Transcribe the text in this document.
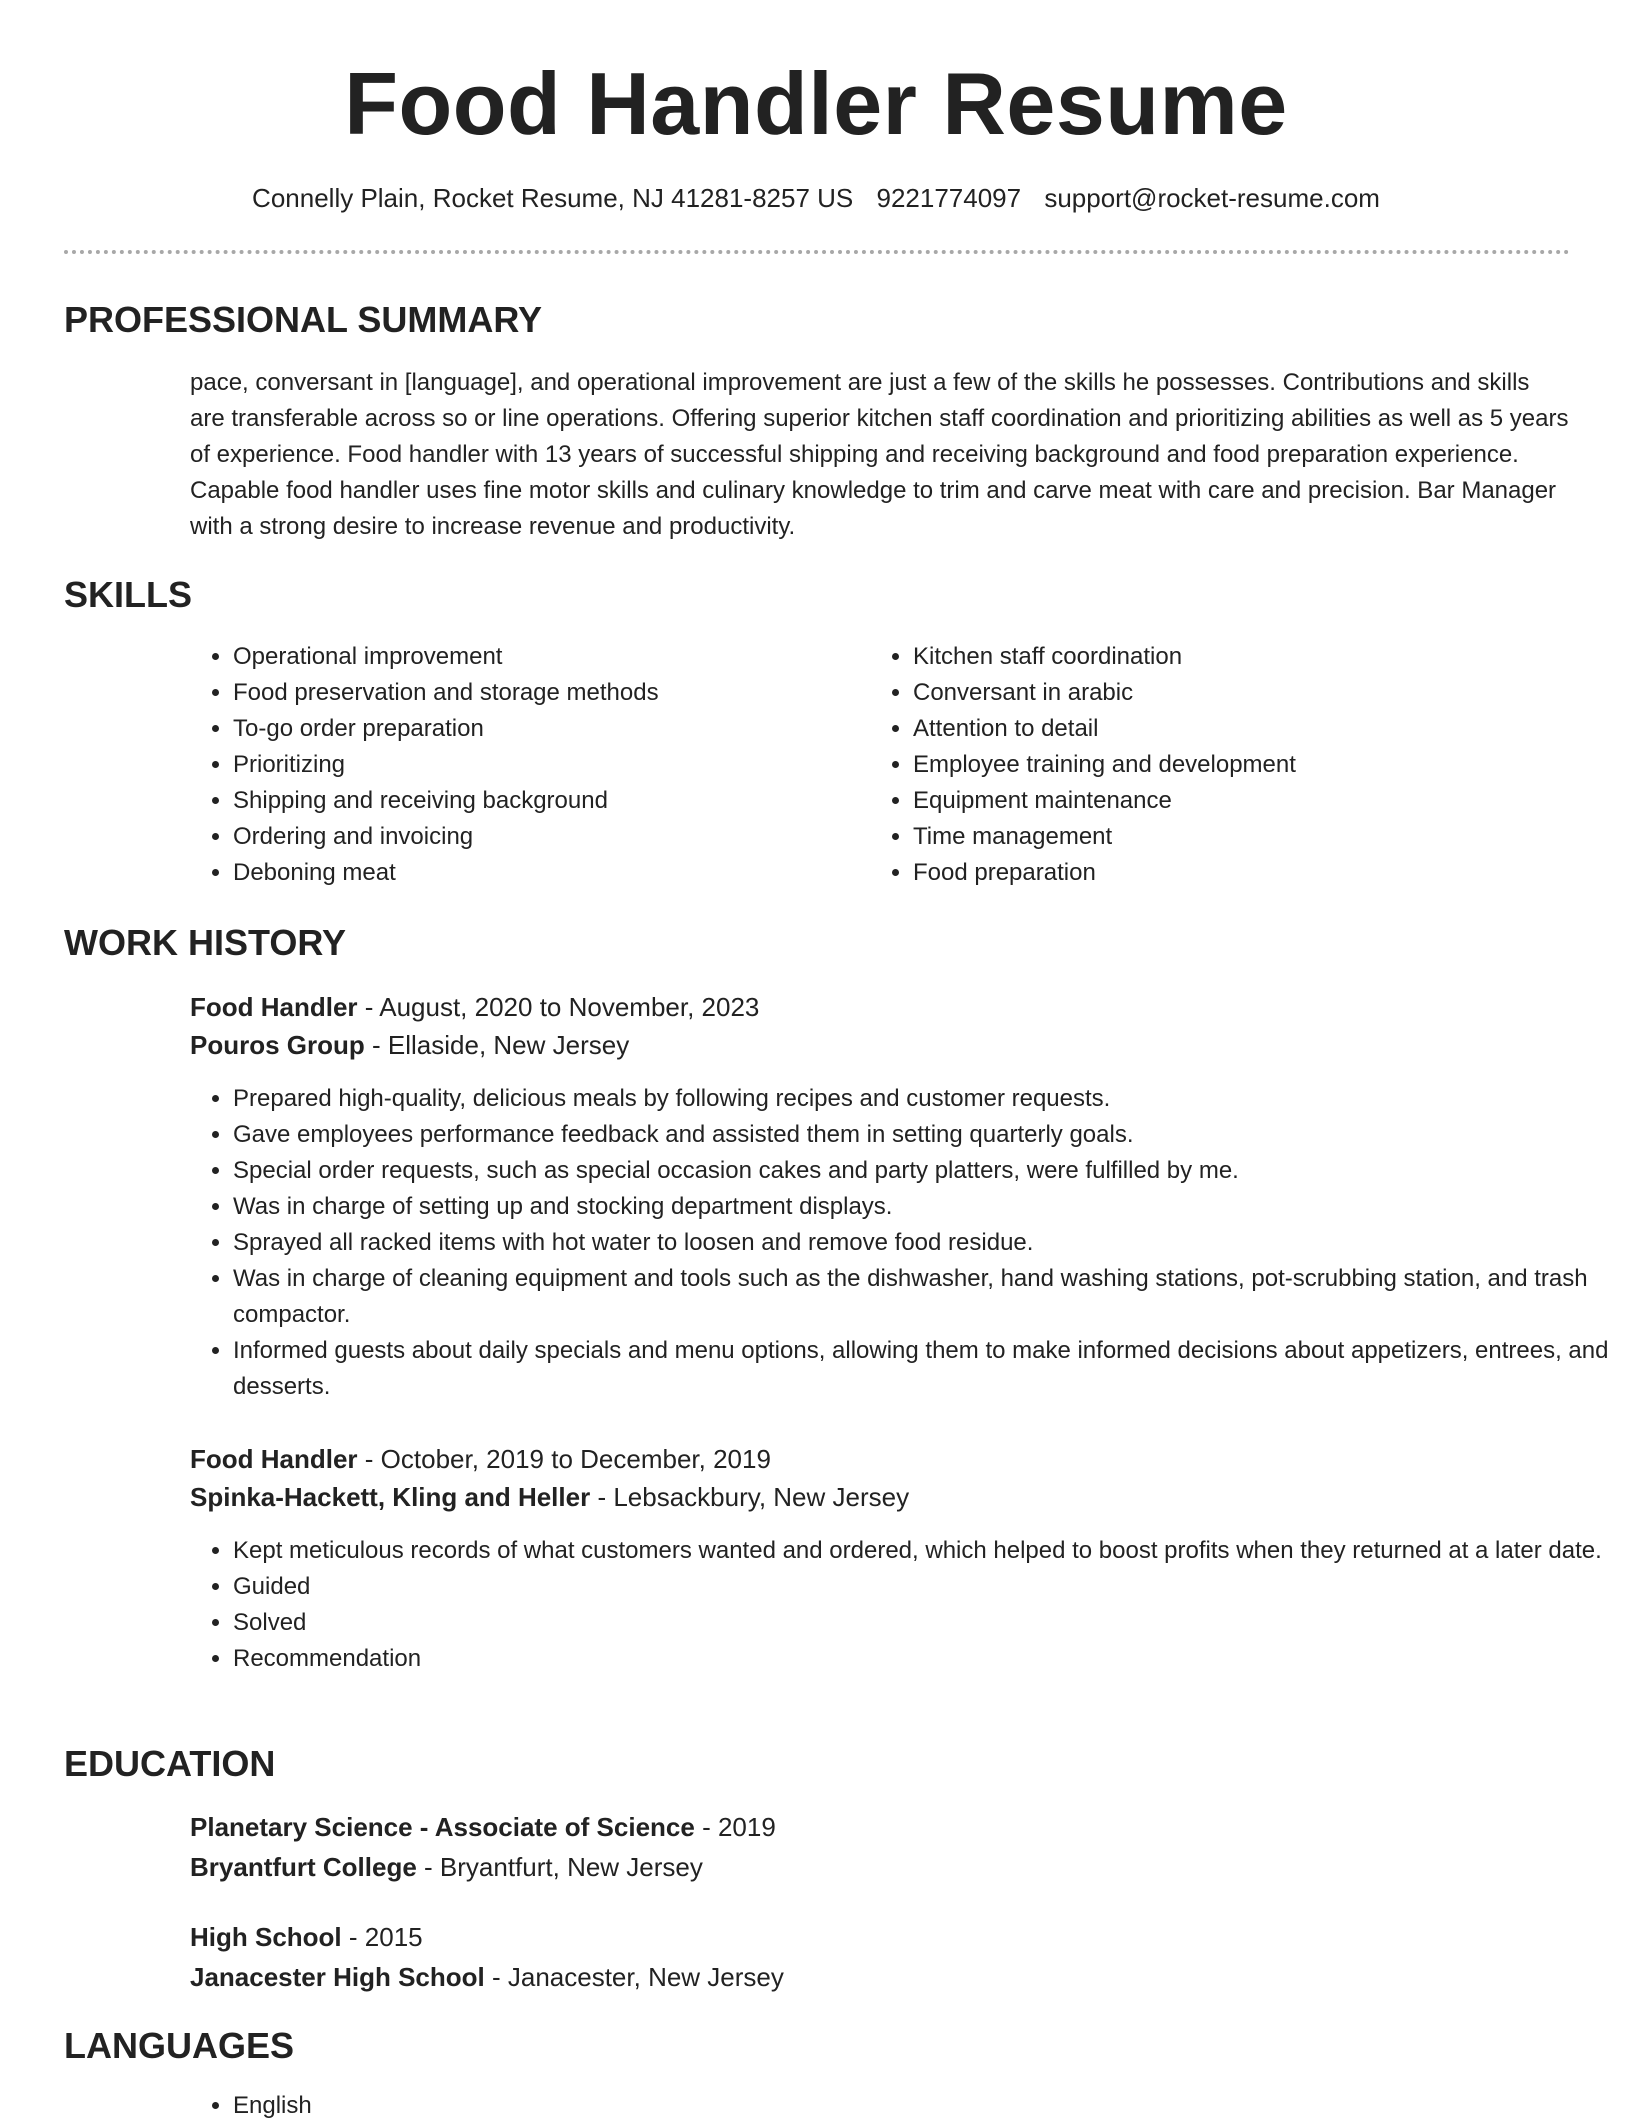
Food Handler Resume
Connelly Plain, Rocket Resume, NJ 41281-8257 US 9221774097 support@rocket-resume.com
PROFESSIONAL SUMMARY

pace, conversant in [language], and operational improvement are just a few of the skills he possesses. Contributions and skills are transferable across so or line operations. Offering superior kitchen staff coordination and prioritizing abilities as well as 5 years of experience. Food handler with 13 years of successful shipping and receiving background and food preparation experience. Capable food handler uses fine motor skills and culinary knowledge to trim and carve meat with care and precision. Bar Manager with a strong desire to increase revenue and productivity.

SKILLS
• Operational improvement
• Food preservation and storage methods
• To-go order preparation
• Prioritizing
• Shipping and receiving background
• Ordering and invoicing
• Deboning meat
• Kitchen staff coordination
• Conversant in arabic
• Attention to detail
• Employee training and development
• Equipment maintenance
• Time management
• Food preparation
WORK HISTORY

Food Handler - August, 2020 to November, 2023

Pouros Group - Ellaside, New Jersey

• Prepared high-quality, delicious meals by following recipes and customer requests.
• Gave employees performance feedback and assisted them in setting quarterly goals.
• Special order requests, such as special occasion cakes and party platters, were fulfilled by me.
• Was in charge of setting up and stocking department displays.
• Sprayed all racked items with hot water to loosen and remove food residue.
• Was in charge of cleaning equipment and tools such as the dishwasher, hand washing stations, pot-scrubbing station, and trash compactor.
• Informed guests about daily specials and menu options, allowing them to make informed decisions about appetizers, entrees, and desserts.

Food Handler - October, 2019 to December, 2019

Spinka-Hackett, Kling and Heller - Lebsackbury, New Jersey

• Kept meticulous records of what customers wanted and ordered, which helped to boost profits when they returned at a later date.
• Guided
• Solved
• Recommendation
EDUCATION

Planetary Science - Associate of Science - 2019

Bryantfurt College - Bryantfurt, New Jersey

High School - 2015

Janacester High School - Janacester, New Jersey

LANGUAGES
• English
